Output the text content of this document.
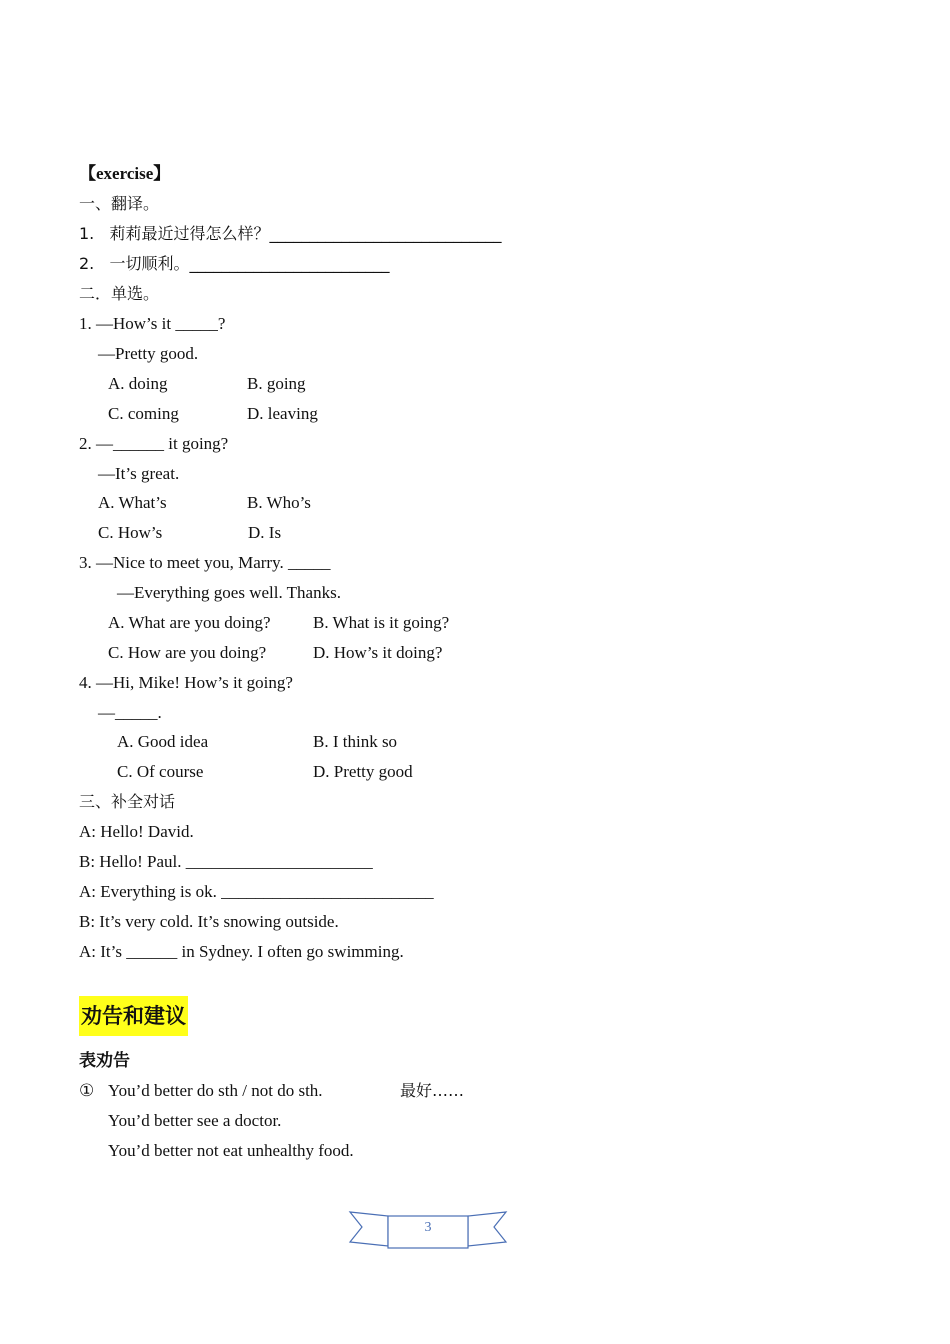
【exercise】
一、翻译。
1.   莉莉最近过得怎么样？_____________________________
2.   一切顺利。_________________________
二．单选。
1. —How’s it _____?
—Pretty good.
A. doing	B. going
C. coming	D. leaving
2. —______ it going?
—It’s great.
A. What’s	B. Who’s
C. How’s	D. Is
3. —Nice to meet you, Marry. _____
—Everything goes well. Thanks.
A. What are you doing? B. What is it going?
C. How are you doing?	D. How’s it doing?
4. —Hi, Mike! How’s it going?
—_____.
A. Good idea	B. I think so
C. Of course	D. Pretty good
三、补全对话
A: Hello! David.
B: Hello! Paul. ______________________
A: Everything is ok. _________________________
B: It’s very cold. It’s snowing outside.
A: It’s ______ in Sydney. I often go swimming.
劝告和建议
表劝告
① You’d better do sth / not do sth.	最好……
You’d better see a doctor.
You’d better not eat unhealthy food.
3
